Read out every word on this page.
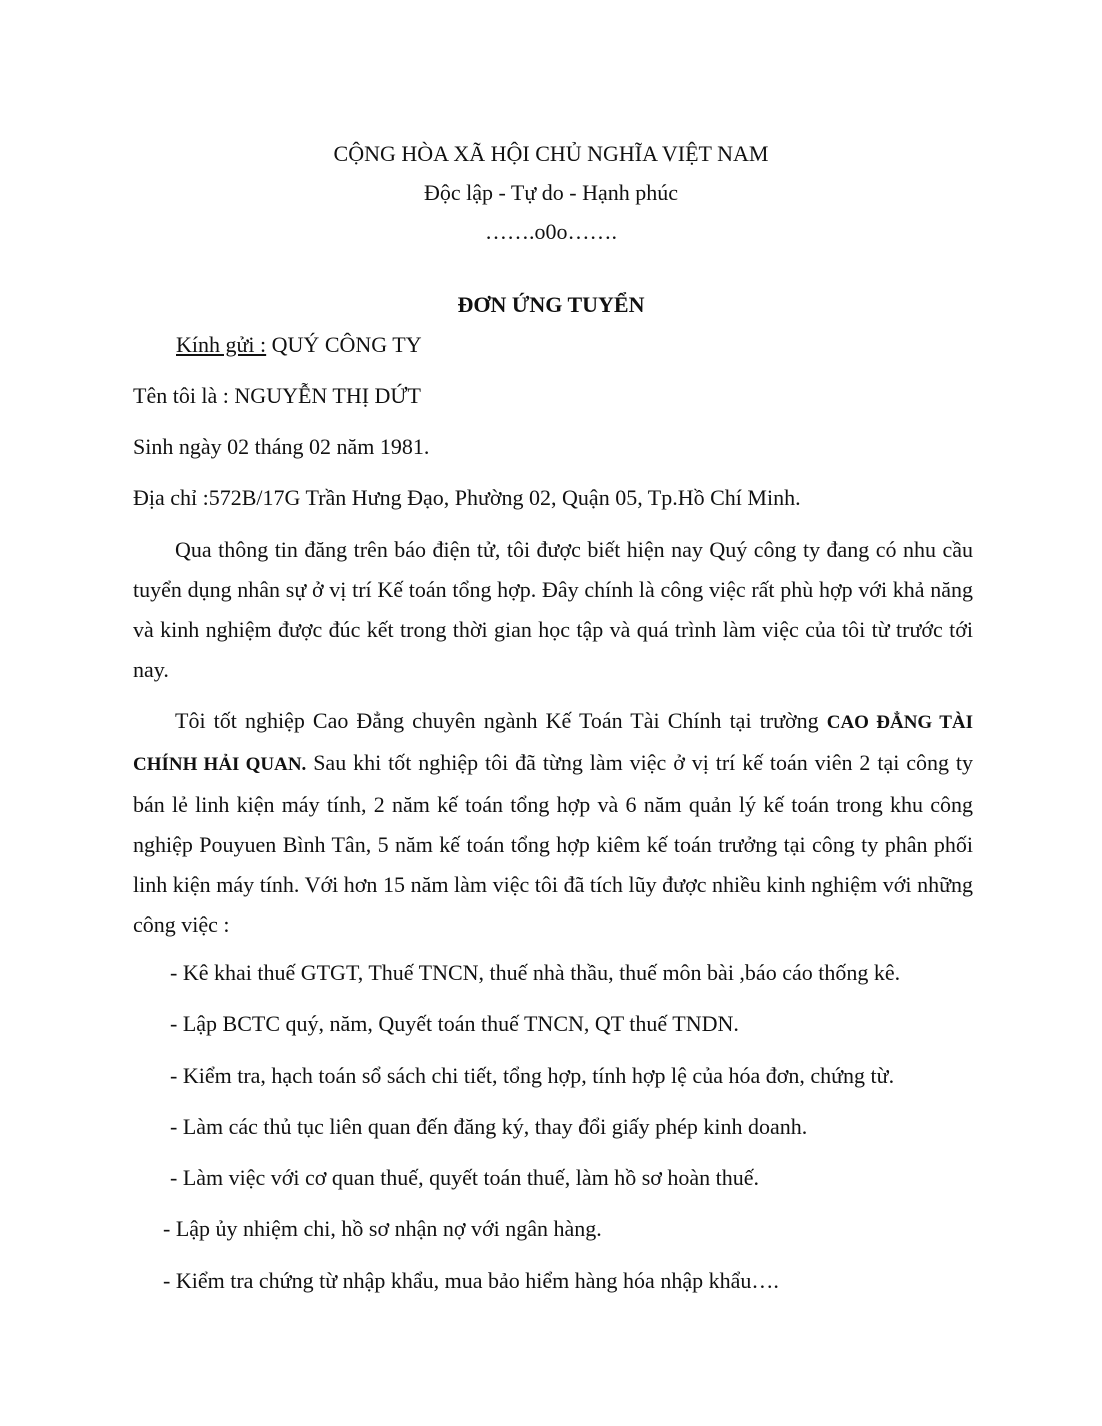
CỘNG HÒA XÃ HỘI CHỦ NGHĨA VIỆT NAM
Độc lập - Tự do - Hạnh phúc
…….o0o…….
ĐƠN ỨNG TUYỂN
Kính gửi : QUÝ CÔNG TY
Tên tôi là : NGUYỄN THỊ DỨT
Sinh ngày 02 tháng 02 năm 1981.
Địa chỉ :572B/17G Trần Hưng Đạo, Phường 02, Quận 05, Tp.Hồ Chí Minh.
Qua thông tin đăng trên báo điện tử, tôi được biết hiện nay Quý công ty đang có nhu cầu tuyển dụng nhân sự ở vị trí Kế toán tổng hợp. Đây chính là công việc rất phù hợp với khả năng và kinh nghiệm được đúc kết trong thời gian học tập và quá trình làm việc của tôi từ trước tới nay.
Tôi tốt nghiệp Cao Đẳng chuyên ngành Kế Toán Tài Chính tại trường CAO ĐẲNG TÀI CHÍNH HẢI QUAN. Sau khi tốt nghiệp tôi đã từng làm việc ở vị trí kế toán viên 2 tại công ty bán lẻ linh kiện máy tính, 2 năm kế toán tổng hợp và 6 năm quản lý kế toán trong khu công nghiệp Pouyuen Bình Tân, 5 năm kế toán tổng hợp kiêm kế toán trưởng tại công ty phân phối linh kiện máy tính. Với hơn 15 năm làm việc tôi đã tích lũy được nhiều kinh nghiệm với những công việc :
- Kê khai thuế GTGT, Thuế TNCN, thuế nhà thầu, thuế môn bài ,báo cáo thống kê.
- Lập BCTC quý, năm, Quyết toán thuế TNCN, QT thuế TNDN.
- Kiểm tra, hạch toán sổ sách chi tiết, tổng hợp, tính hợp lệ của hóa đơn, chứng từ.
- Làm các thủ tục liên quan đến đăng ký, thay đổi giấy phép kinh doanh.
- Làm việc với cơ quan thuế, quyết toán thuế, làm hồ sơ hoàn thuế.
- Lập ủy nhiệm chi, hồ sơ nhận nợ với ngân hàng.
- Kiểm tra chứng từ nhập khẩu, mua bảo hiểm hàng hóa nhập khẩu….
